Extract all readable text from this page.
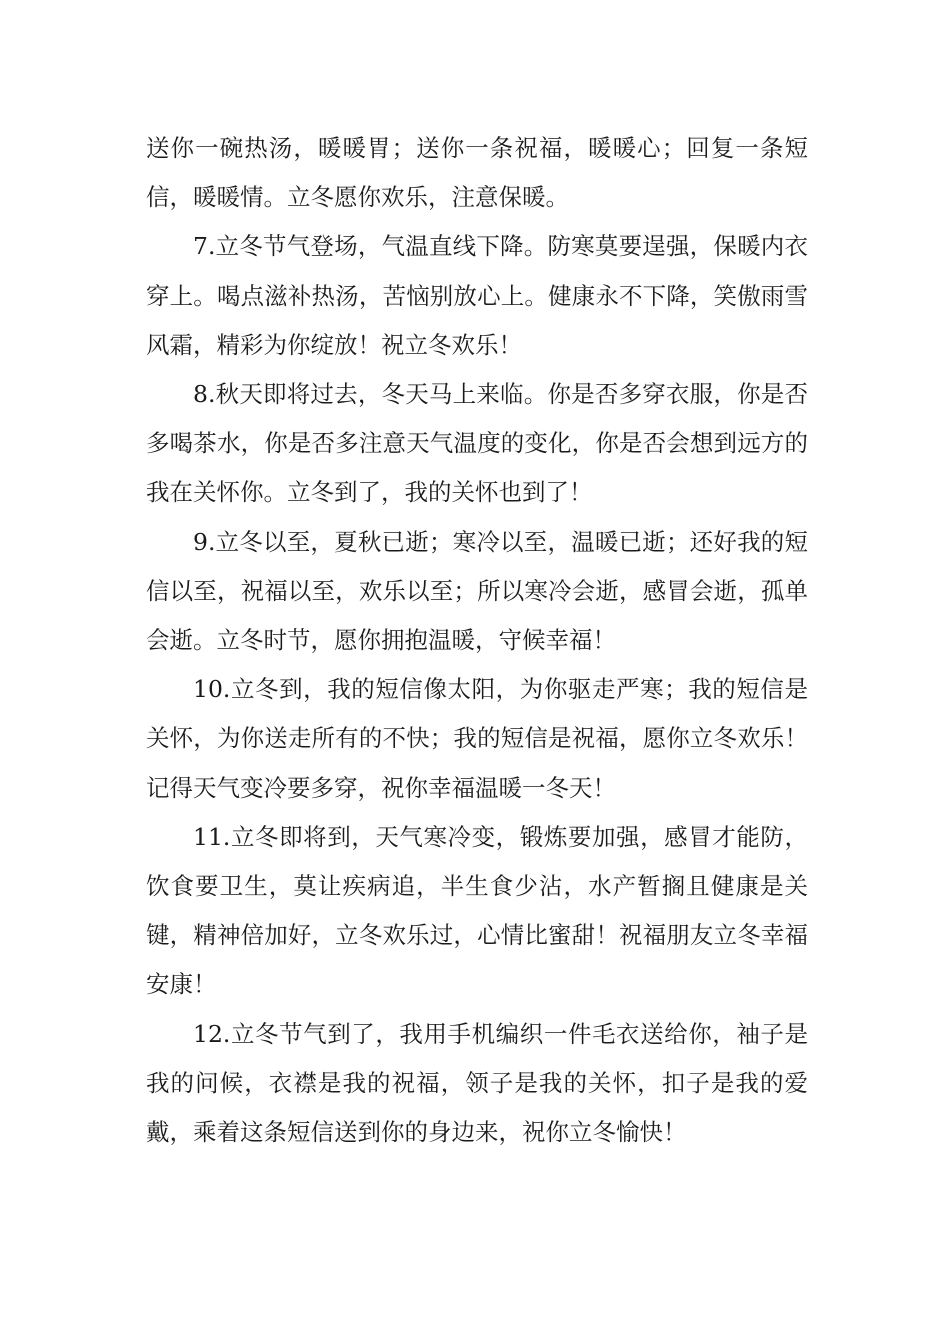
送你一碗热汤，暖暖胃；送你一条祝福，暖暖心；回复一条短信，暖暖情。立冬愿你欢乐，注意保暖。

7.立冬节气登场，气温直线下降。防寒莫要逞强，保暖内衣穿上。喝点滋补热汤，苦恼别放心上。健康永不下降，笑傲雨雪风霜，精彩为你绽放！祝立冬欢乐！

8.秋天即将过去，冬天马上来临。你是否多穿衣服，你是否多喝茶水，你是否多注意天气温度的变化，你是否会想到远方的我在关怀你。立冬到了，我的关怀也到了！

9.立冬以至，夏秋已逝；寒冷以至，温暖已逝；还好我的短信以至，祝福以至，欢乐以至；所以寒冷会逝，感冒会逝，孤单会逝。立冬时节，愿你拥抱温暖，守候幸福！

10.立冬到，我的短信像太阳，为你驱走严寒；我的短信是关怀，为你送走所有的不快；我的短信是祝福，愿你立冬欢乐！记得天气变冷要多穿，祝你幸福温暖一冬天！

11.立冬即将到，天气寒冷变，锻炼要加强，感冒才能防，饮食要卫生，莫让疾病追，半生食少沾，水产暂搁且健康是关键，精神倍加好，立冬欢乐过，心情比蜜甜！祝福朋友立冬幸福安康！

12.立冬节气到了，我用手机编织一件毛衣送给你，袖子是我的问候，衣襟是我的祝福，领子是我的关怀，扣子是我的爱戴，乘着这条短信送到你的身边来，祝你立冬愉快！
